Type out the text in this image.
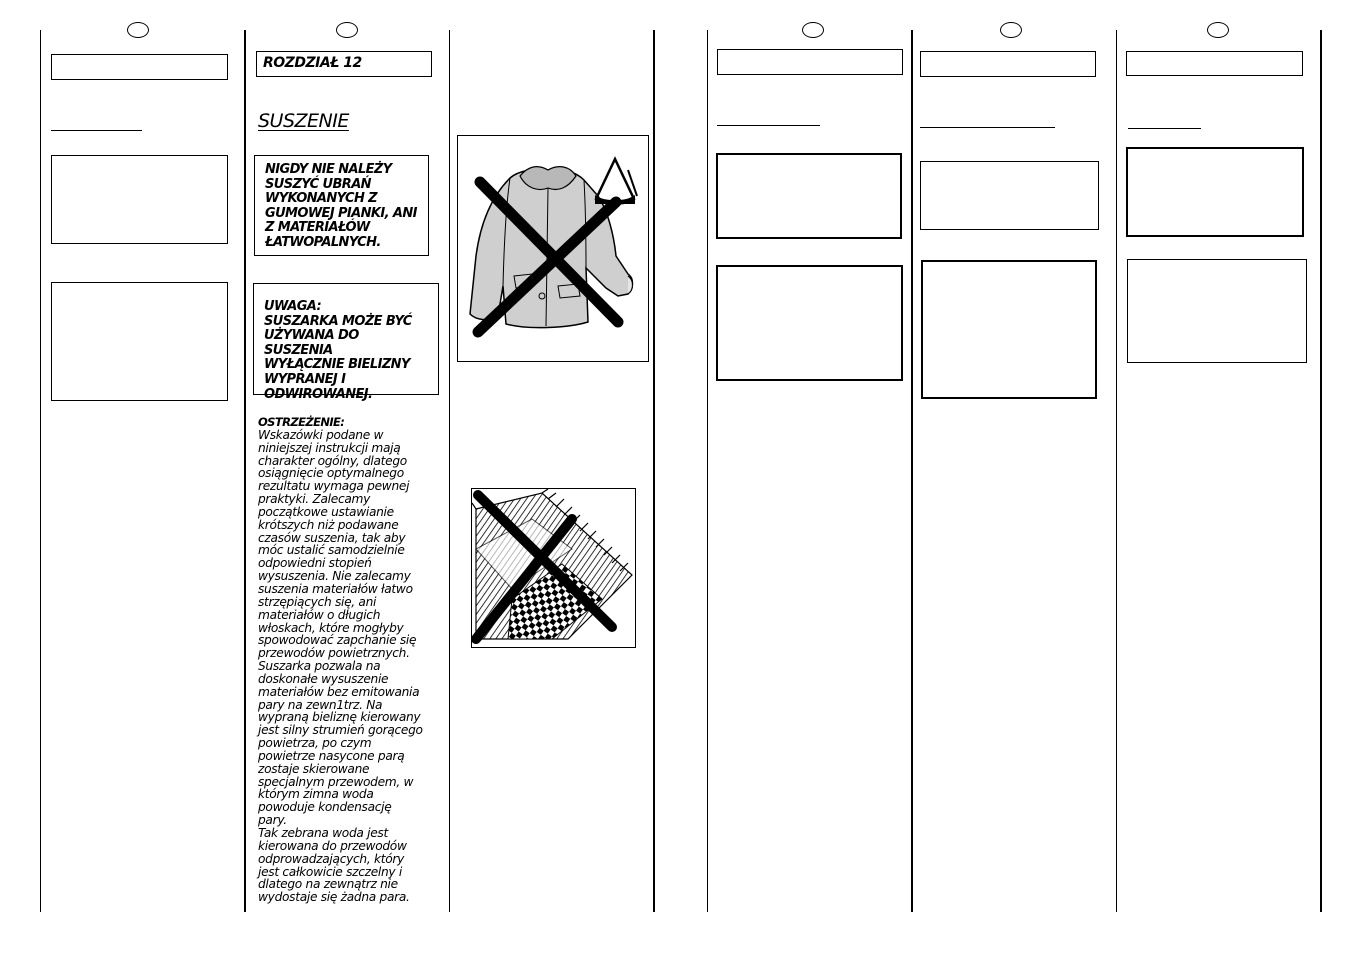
ROZDZIAŁ 12
SUSZENIE
NIGDY NIE NALEŻY
SUSZYĆ UBRAŃ
WYKONANYCH Z
GUMOWEJ PIANKI, ANI
Z MATERIAŁÓW
ŁATWOPALNYCH.
UWAGA:
SUSZARKA MOŻE BYĆ
UŻYWANA DO SUSZENIA
WYŁĄCZNIE BIELIZNY
WYPRANEJ I
ODWIROWANEJ.
OSTRZEŻENIE:
Wskazówki podane w
niniejszej instrukcji mają
charakter ogólny, dlatego
osiągnięcie optymalnego
rezultatu wymaga pewnej
praktyki. Zalecamy
początkowe ustawianie
krótszych niż podawane
czasów suszenia, tak aby
móc ustalić samodzielnie
odpowiedni stopień
wysuszenia. Nie zalecamy
suszenia materiałów łatwo
strzępiących się, ani
materiałów o długich
włoskach, które mogłyby
spowodować zapchanie się
przewodów powietrznych.
Suszarka pozwala na
doskonałe wysuszenie
materiałów bez emitowania
pary na zewn1trz. Na
wypraną bieliznę kierowany
jest silny strumień gorącego
powietrza, po czym
powietrze nasycone parą
zostaje skierowane
specjalnym przewodem, w
którym zimna woda
powoduje kondensację
pary.
Tak zebrana woda jest
kierowana do przewodów
odprowadzających, który
jest całkowicie szczelny i
dlatego na zewnątrz nie
wydostaje się żadna para.
